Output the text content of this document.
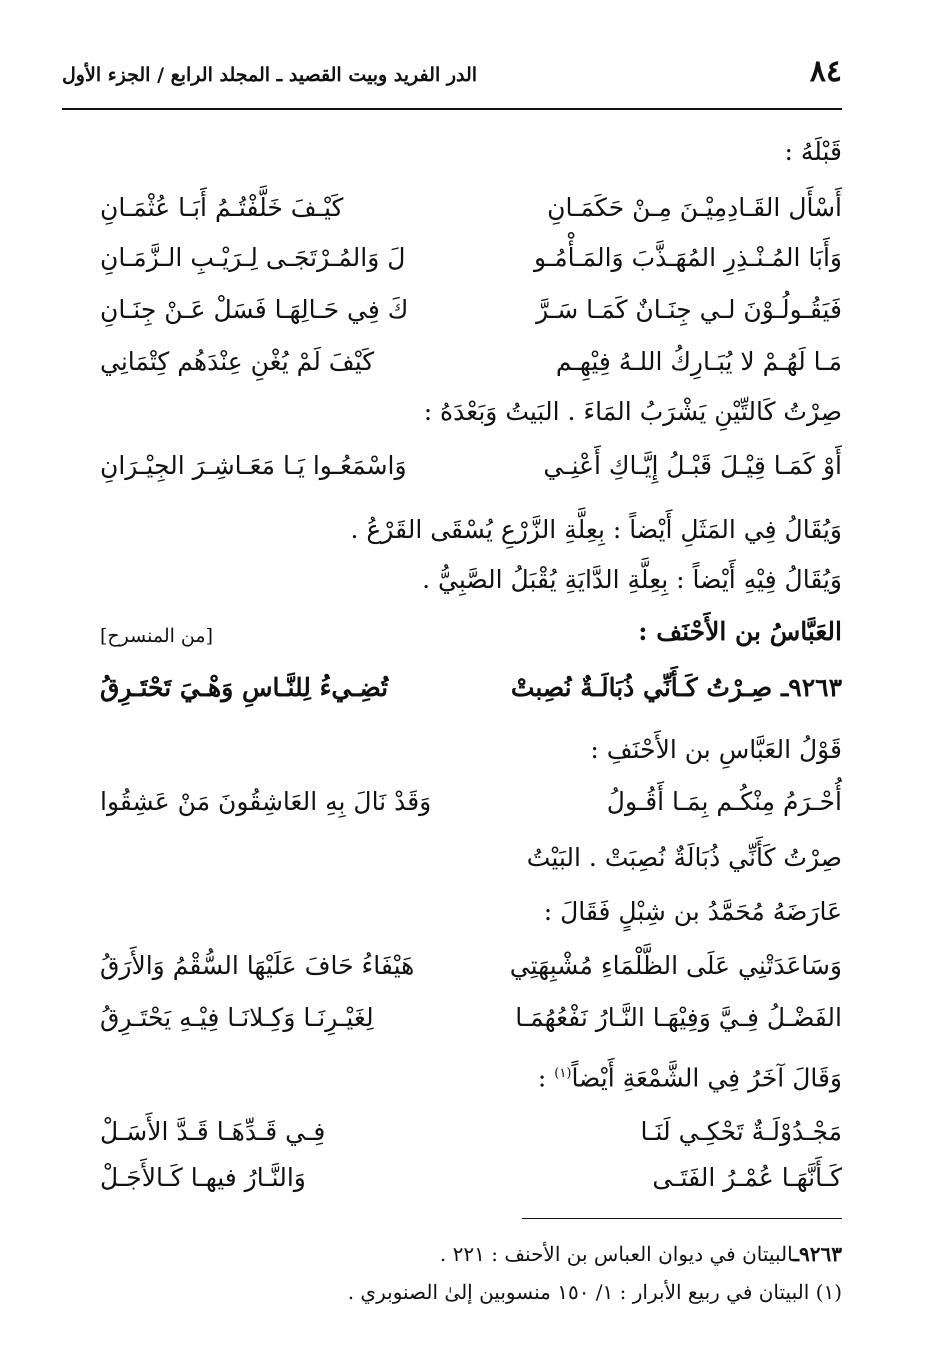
٨٤
الدر الفريد وبيت القصيد ـ المجلد الرابع / الجزء الأول
قَبْلَهُ :
أَسْأَل القَـادِمِيْـنَ مِـنْ حَكَمَـانِ
كَيْـفَ خَلَّفْتُـمُ أَبَـا عُثْمَـانِ
وَأَبَا المُـنْـذِرِ المُهَـذَّبَ وَالمَـأْمُـو
لَ وَالمُـرْتَجَـى لِـرَيْـبِ الـزَّمَـانِ
فَيَقُـولُـوْنَ لـي جِنَـانٌ كَمَـا سَـرَّ
كَ فِي حَـالِهَـا فَسَلْ عَـنْ جِنَـانِ
مَـا لَهُـمْ لا يُبَـارِكُ اللـهُ فِيْهِـم
كَيْفَ لَمْ يُغْنِ عِنْدَهُم كِتْمَانِي
صِرْتُ كَالتِّيْنِ يَشْرَبُ المَاءَ . البَيتُ وَبَعْدَهُ :
أَوْ كَمَـا قِيْـلَ قَبْـلُ إِيَّـاكِ أَعْنِـي
وَاسْمَعُـوا يَـا مَعَـاشِـرَ الجِيْـرَانِ
وَيُقَالُ فِي المَثَلِ أَيْضاً : بِعِلَّةِ الزَّرْعِ يُسْقَى القَرْعُ .
وَيُقَالُ فِيْهِ أَيْضاً : بِعِلَّةِ الدَّايَةِ يُقْبَلُ الصَّبِيُّ .
العَبَّاسُ بن الأَحْنَف :
[من المنسرح]
٩٢٦٣ـ صِـرْتُ كَـأَنِّي ذُبَالَـةٌ نُصِبتْ
تُضِـيءُ لِلنَّـاسِ وَهْـيَ تَحْتَـرِقُ
قَوْلُ العَبَّاسِ بن الأَحْنَفِ :
أُحْـرَمُ مِنْكُـم بِمَـا أَقُـولُ
وَقَدْ نَالَ بِهِ العَاشِقُونَ مَنْ عَشِقُوا
صِرْتُ كَأَنِّي ذُبَالَةٌ نُصِبَتْ . البَيْتُ
عَارَضَهُ مُحَمَّدُ بن شِبْلٍ فَقَالَ :
وَسَاعَدَتْنِي عَلَى الظَّلْمَاءِ مُشْبِهَتِي
هَيْفَاءُ حَافَ عَلَيْهَا السُّقْمُ وَالأَرَقُ
الفَضْـلُ فِـيَّ وَفِيْهَـا النَّـارُ نَفْعُهُمَـا
لِغَيْـرِنَـا وَكِـلانَـا فِيْـهِ يَحْتَـرِقُ
وَقَالَ آخَرُ فِي الشَّمْعَةِ أَيْضاً$^{(١)}$ :
مَجْـدُوْلَـةٌ تَحْكِـي لَنَـا
فِـي قَـدِّهَـا قَـدَّ الأَسَـلْ
كَـأَنَّهَـا عُمْـرُ الفَتَـى
وَالنَّـارُ فيهـا كَـالأَجَـلْ
٩٢٦٣ـالبيتان في ديوان العباس بن الأحنف : ٢٢١ .
(١) البيتان في ربيع الأبرار : ١/ ١٥٠ منسوبين إلىٰ الصنوبري .
